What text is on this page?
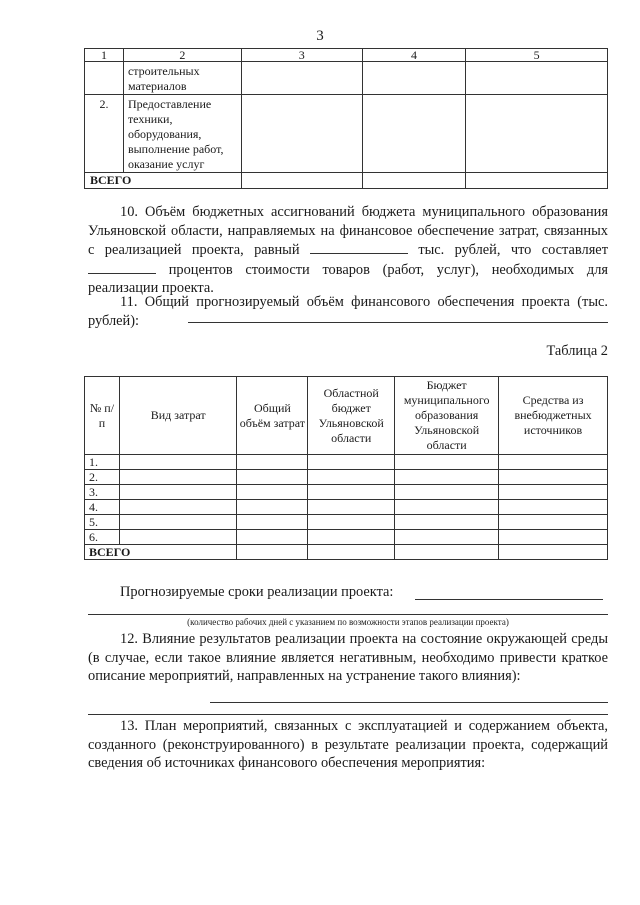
3
1	2	3	4	5
	строительных материалов			
2.	Предоставление техники, оборудования, выполнение работ, оказание услуг			
ВСЕГО				
10. Объём бюджетных ассигнований бюджета муниципального образования Ульяновской области, направляемых на финансовое обеспечение затрат, связанных с реализацией проекта, равный	тыс. рублей, что составляет  процентов стоимости товаров (работ, услуг), необходимых для реализации проекта.
11. Общий прогнозируемый объём финансового обеспечения проекта (тыс. рублей):
Таблица 2
№ п/п	Вид затрат	Общий объём затрат	Областной бюджет Ульяновской области	Бюджет муниципального образования Ульяновской области	Средства из внебюджетных источников
1.					
2.					
3.					
4.					
5.					
6.					
ВСЕГО					
Прогнозируемые сроки реализации проекта:
(количество рабочих дней с указанием по возможности этапов реализации проекта)
12. Влияние результатов реализации проекта на состояние окружающей среды (в случае, если такое влияние является негативным, необходимо привести краткое описание мероприятий, направленных на устранение такого влияния):
13. План мероприятий, связанных с эксплуатацией и содержанием объекта, созданного (реконструированного) в результате реализации проекта, содержащий сведения об источниках финансового обеспечения мероприятия:
